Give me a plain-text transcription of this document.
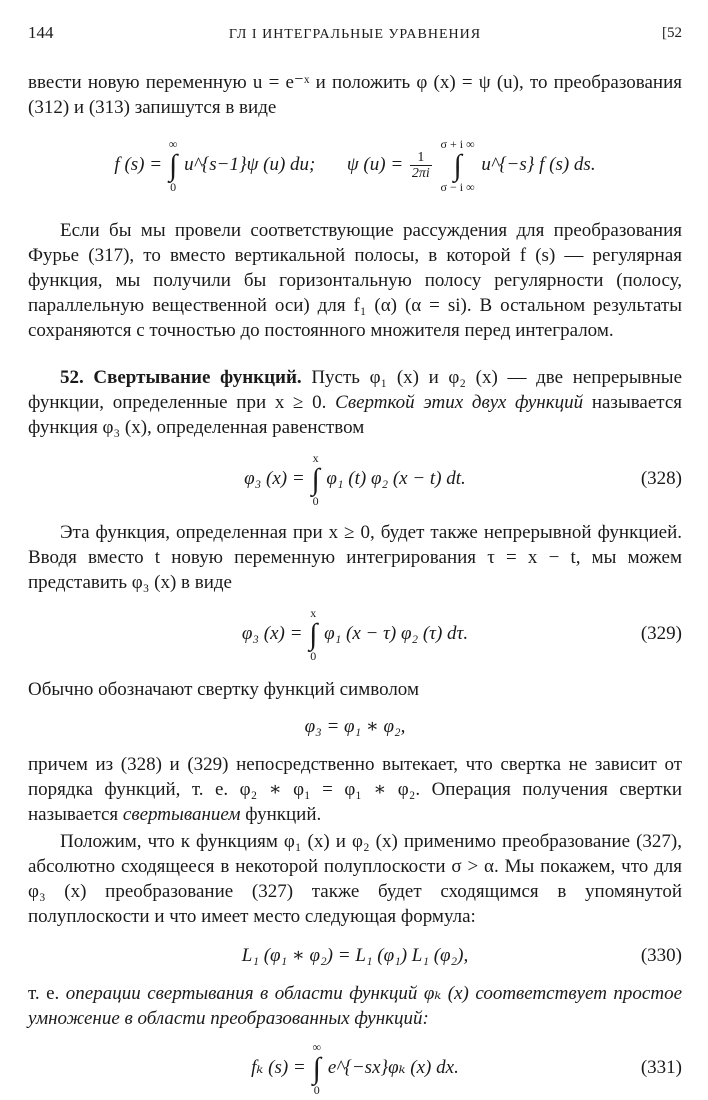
144	ГЛ I ИНТЕГРАЛЬНЫЕ УРАВНЕНИЯ	[52

ввести новую переменную u = e⁻ˣ и положить φ (x) = ψ (u), то преобразования (312) и (313) запишутся в виде

f (s) =
∞
∫
0
u^{s−1}ψ (u) du; ψ $(u) = \frac{1}{2\pi i}$

σ + i ∞
∫
σ − i ∞
u^{−s} f (s) ds.

Если бы мы провели соответствующие рассуждения для преобразования Фурье (317), то вместо вертикальной полосы, в которой f (s) — регулярная функция, мы получили бы горизонтальную полосу регулярности (полосу, параллельную вещественной оси) для f₁ (α) (α = si). В остальном результаты сохраняются с точностью до постоянного множителя перед интегралом.

52. Свертывание функций. Пусть φ₁ (x) и φ₂ (x) — две непрерывные функции, определенные при x ≥ 0. Сверткой этих двух функций называется функция φ₃ (x), определенная равенством

φ₃ (x) =
x
∫
0
φ₁ (t) φ₂ (x − t) dt.	(328)

Эта функция, определенная при x ≥ 0, будет также непрерывной функцией. Вводя вместо t новую переменную интегрирования τ = x − t, мы можем представить φ₃ (x) в виде

φ₃ (x) =
x
∫
0
φ₁ (x − τ) φ₂ (τ) dτ.	(329)

Обычно обозначают свертку функций символом

φ₃ = φ₁ ∗ φ₂,

причем из (328) и (329) непосредственно вытекает, что свертка не зависит от порядка функций, т. е. φ₂ ∗ φ₁ = φ₁ ∗ φ₂. Операция получения свертки называется свертыванием функций.

Положим, что к функциям φ₁ (x) и φ₂ (x) применимо преобразование (327), абсолютно сходящееся в некоторой полуплоскости σ > α. Мы покажем, что для φ₃ (x) преобразование (327) также будет сходящимся в упомянутой полуплоскости и что имеет место следующая формула:

L₁ (φ₁ ∗ φ₂) = L₁ (φ₁) L₁ (φ₂),	(330)

т. е. операции свертывания в области функций φₖ (x) соответствует простое умножение в области преобразованных функций:

fₖ (s) =
∞
∫
0
e^{−sx}φₖ (x) dx.	(331)
